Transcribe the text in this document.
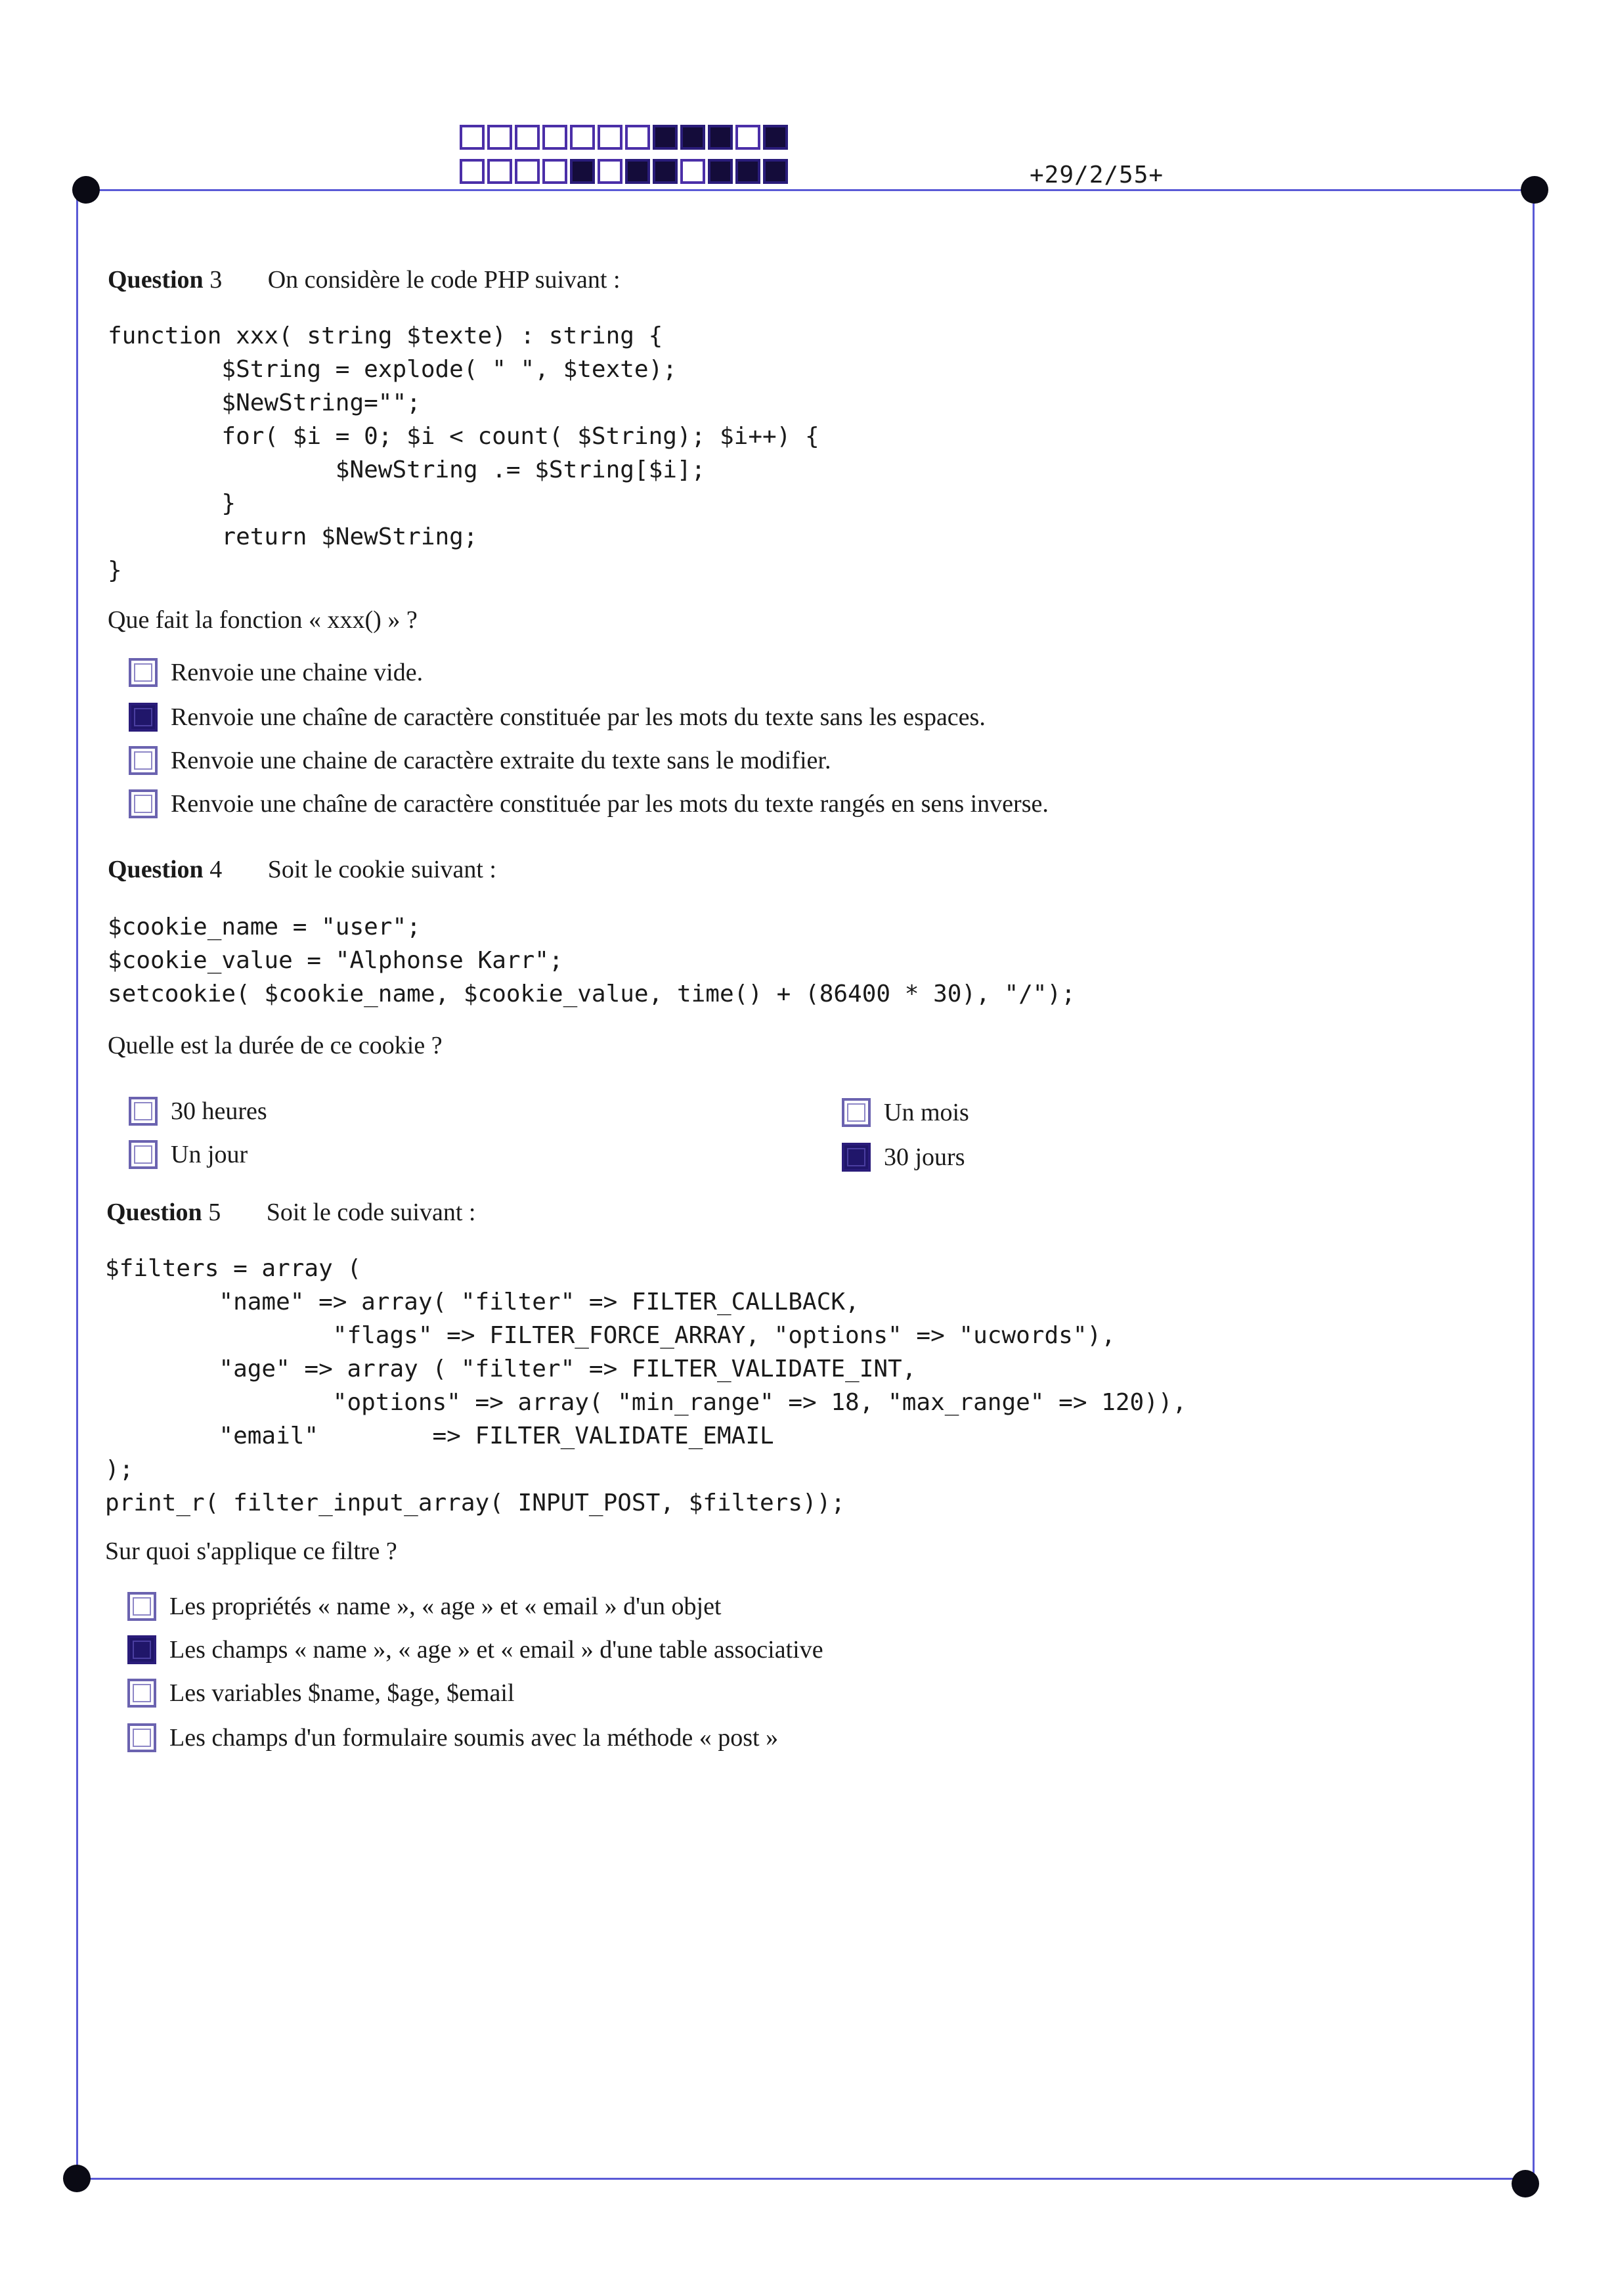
+29/2/55+
Question 3 On considère le code PHP suivant :
function xxx( string $texte) : string {
$String = explode( " ", $texte);
$NewString="";
for( $i = 0; $i < count( $String); $i++) {
$NewString .= $String[$i];
}
return $NewString;
}
Que fait la fonction « xxx() » ?
Renvoie une chaine vide.
Renvoie une chaîne de caractère constituée par les mots du texte sans les espaces.
Renvoie une chaine de caractère extraite du texte sans le modifier.
Renvoie une chaîne de caractère constituée par les mots du texte rangés en sens inverse.
Question 4 Soit le cookie suivant :
$cookie_name = "user";
$cookie_value = "Alphonse Karr";
setcookie( $cookie_name, $cookie_value, time() + (86400 * 30), "/");
Quelle est la durée de ce cookie ?
30 heures
Un jour
Un mois
30 jours
Question 5 Soit le code suivant :
$filters = array (
"name" => array( "filter" => FILTER_CALLBACK,
"flags" => FILTER_FORCE_ARRAY, "options" => "ucwords"),
"age" => array ( "filter" => FILTER_VALIDATE_INT,
"options" => array( "min_range" => 18, "max_range" => 120)),
"email"        => FILTER_VALIDATE_EMAIL
);
print_r( filter_input_array( INPUT_POST, $filters));
Sur quoi s'applique ce filtre ?
Les propriétés « name », « age » et « email » d'un objet
Les champs « name », « age » et « email » d'une table associative
Les variables $name, $age, $email
Les champs d'un formulaire soumis avec la méthode « post »
